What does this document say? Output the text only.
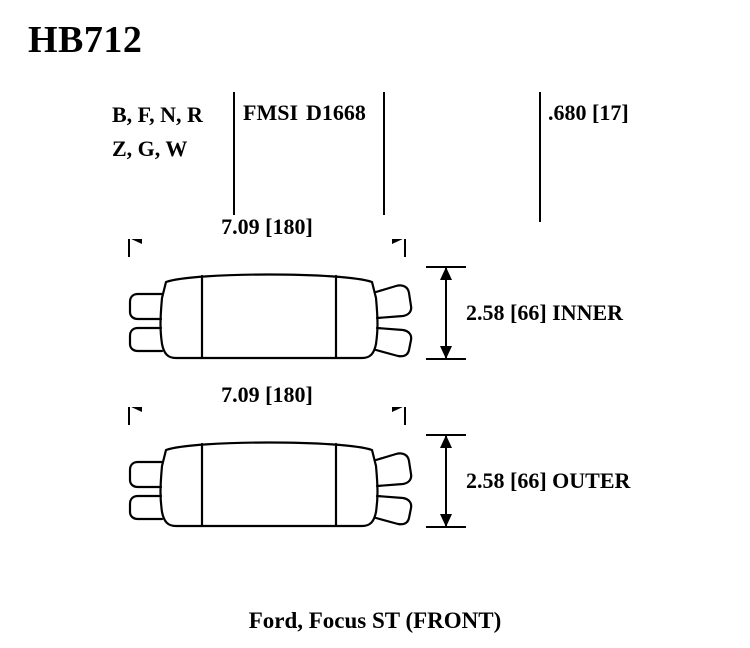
HB712
B, F, N, R
Z, G, W
FMSI D1668	.680 [17]
7.09 [180]
2.58 [66] INNER
7.09 [180]
2.58 [66] OUTER
Ford, Focus ST (FRONT)
